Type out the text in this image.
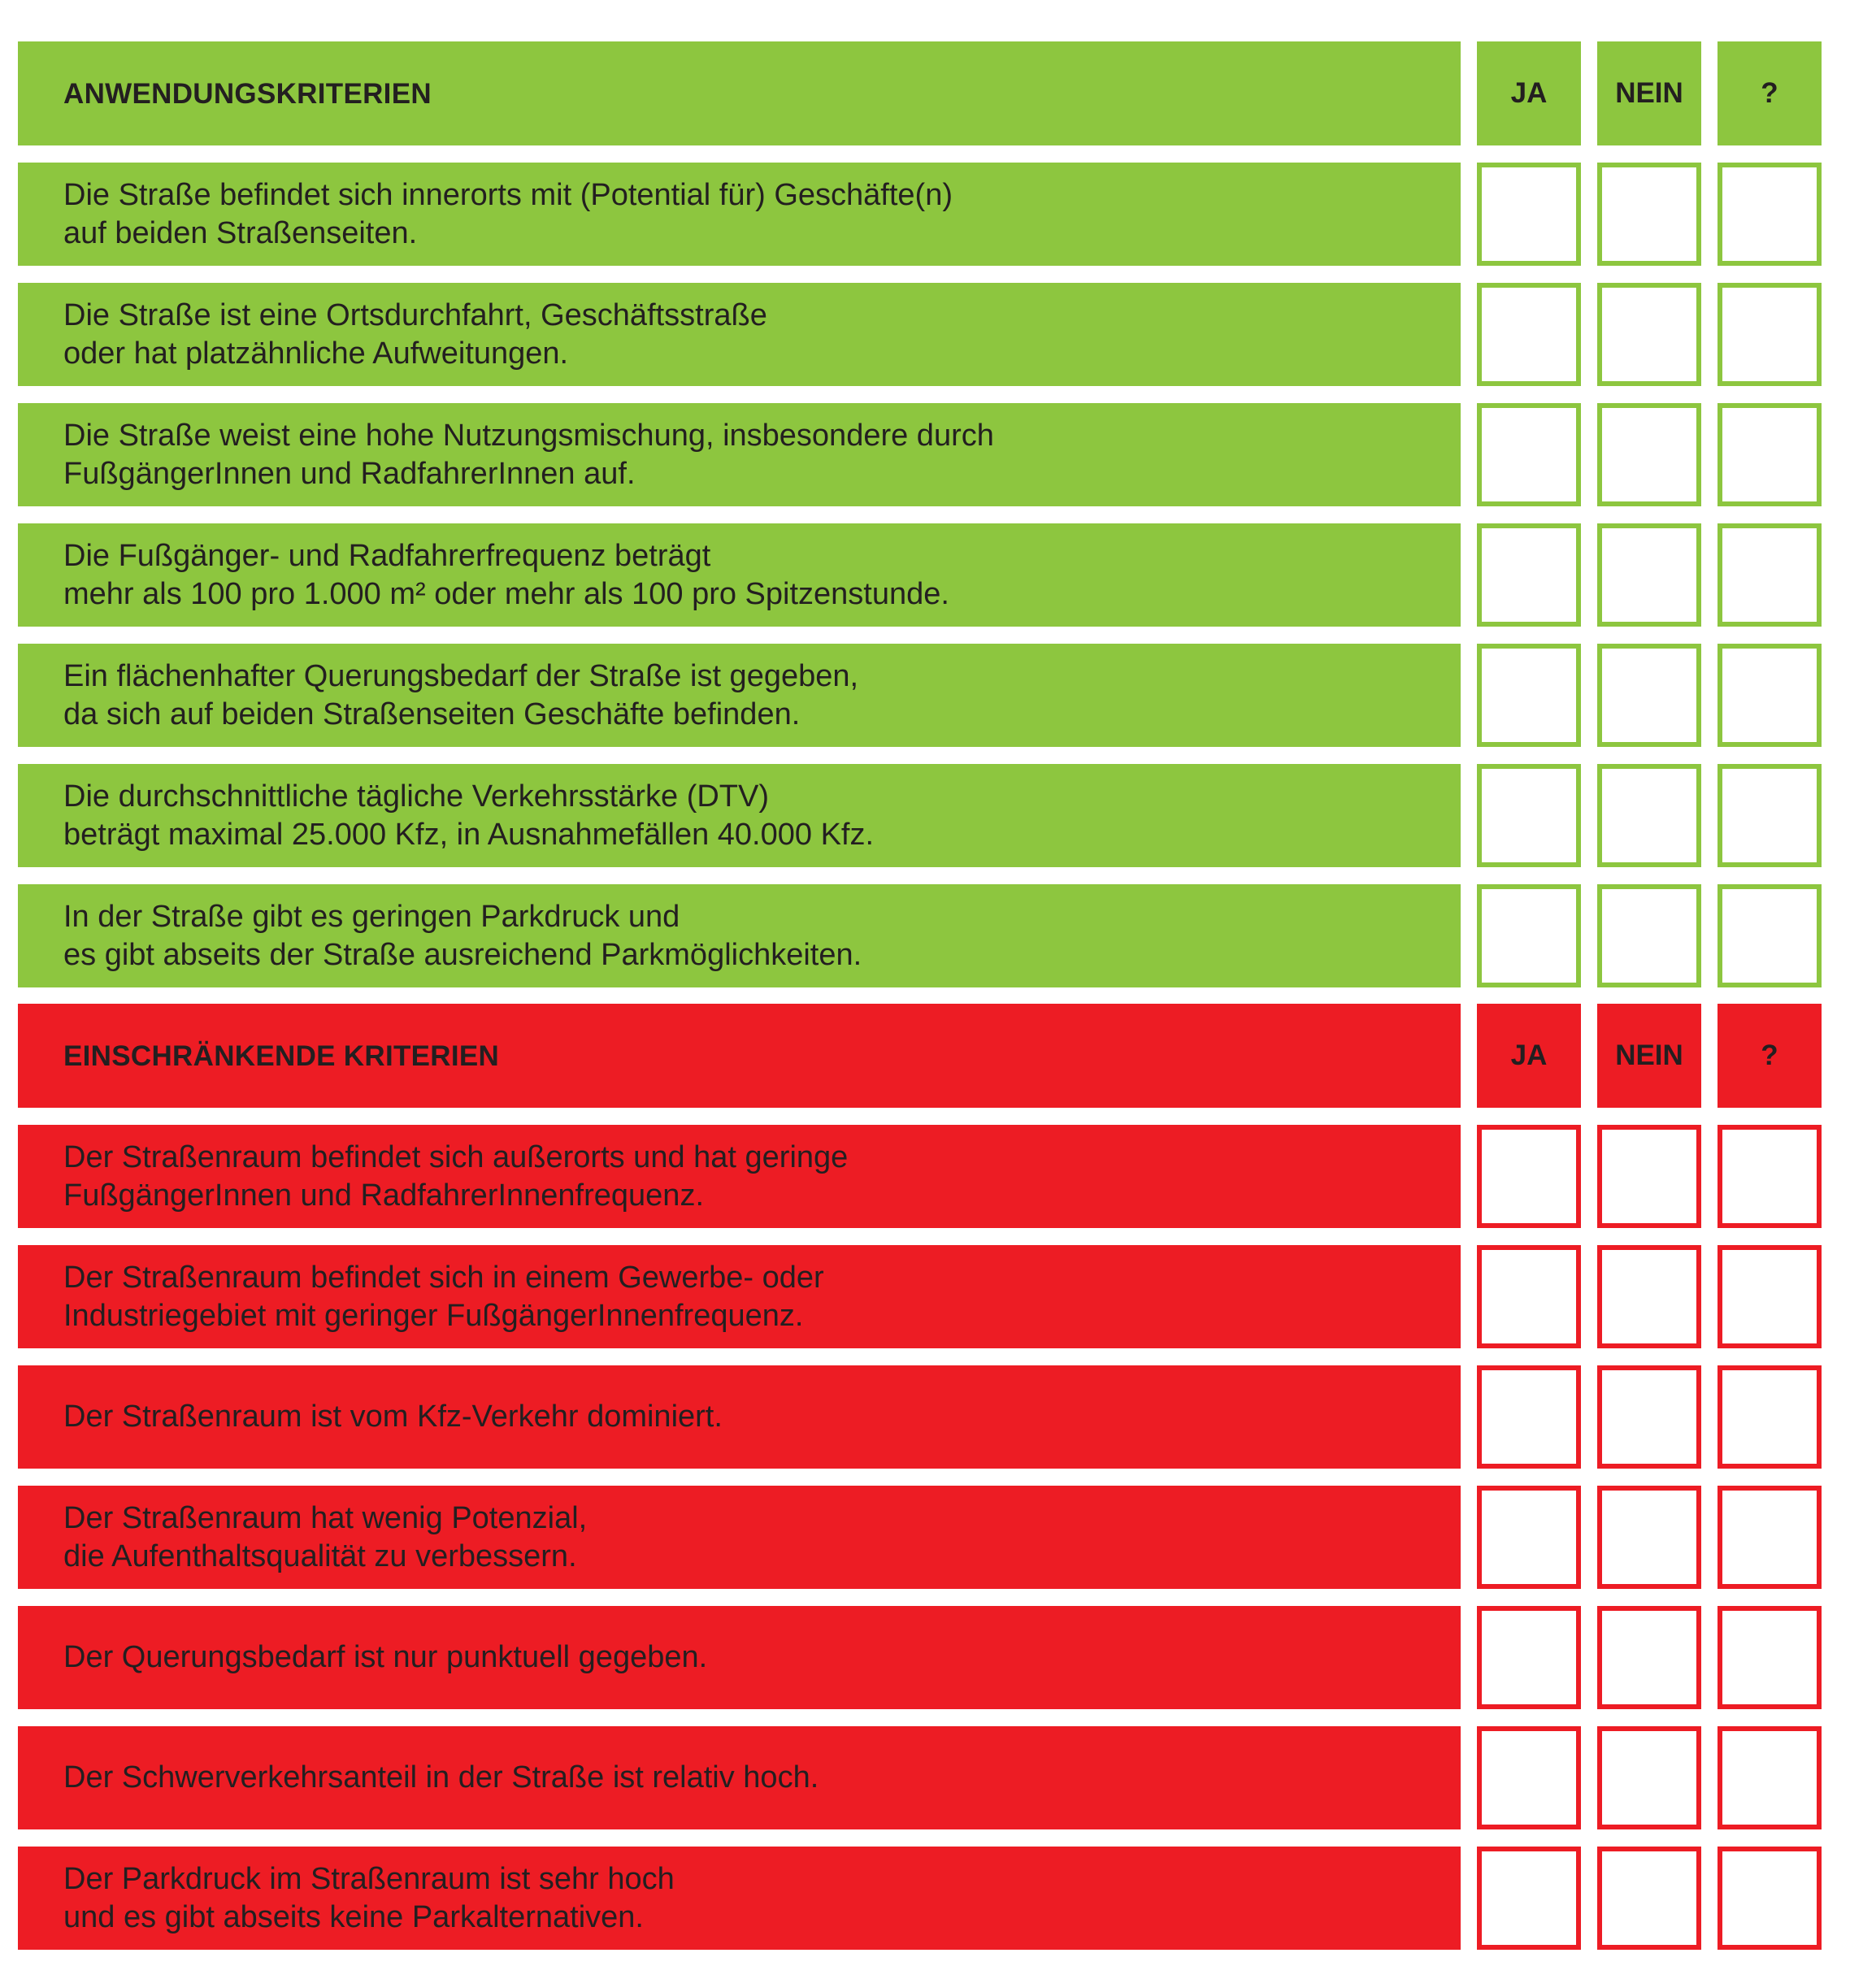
ANWENDUNGSKRITERIEN	JA	NEIN	?
Die Straße befindet sich innerorts mit (Potential für) Geschäfte(n)
auf beiden Straßenseiten.
Die Straße ist eine Ortsdurchfahrt, Geschäftsstraße
oder hat platzähnliche Aufweitungen.
Die Straße weist eine hohe Nutzungsmischung, insbesondere durch
FußgängerInnen und RadfahrerInnen auf.
Die Fußgänger- und Radfahrerfrequenz beträgt
mehr als 100 pro 1.000 m² oder mehr als 100 pro Spitzenstunde.
Ein flächenhafter Querungsbedarf der Straße ist gegeben,
da sich auf beiden Straßenseiten Geschäfte befinden.
Die durchschnittliche tägliche Verkehrsstärke (DTV)
beträgt maximal 25.000 Kfz, in Ausnahmefällen 40.000 Kfz.
In der Straße gibt es geringen Parkdruck und
es gibt abseits der Straße ausreichend Parkmöglichkeiten.
EINSCHRÄNKENDE KRITERIEN	JA	NEIN	?
Der Straßenraum befindet sich außerorts und hat geringe
FußgängerInnen und RadfahrerInnenfrequenz.
Der Straßenraum befindet sich in einem Gewerbe- oder
Industriegebiet mit geringer FußgängerInnenfrequenz.
Der Straßenraum ist vom Kfz-Verkehr dominiert.
Der Straßenraum hat wenig Potenzial,
die Aufenthaltsqualität zu verbessern.
Der Querungsbedarf ist nur punktuell gegeben.
Der Schwerverkehrsanteil in der Straße ist relativ hoch.
Der Parkdruck im Straßenraum ist sehr hoch
und es gibt abseits keine Parkalternativen.
